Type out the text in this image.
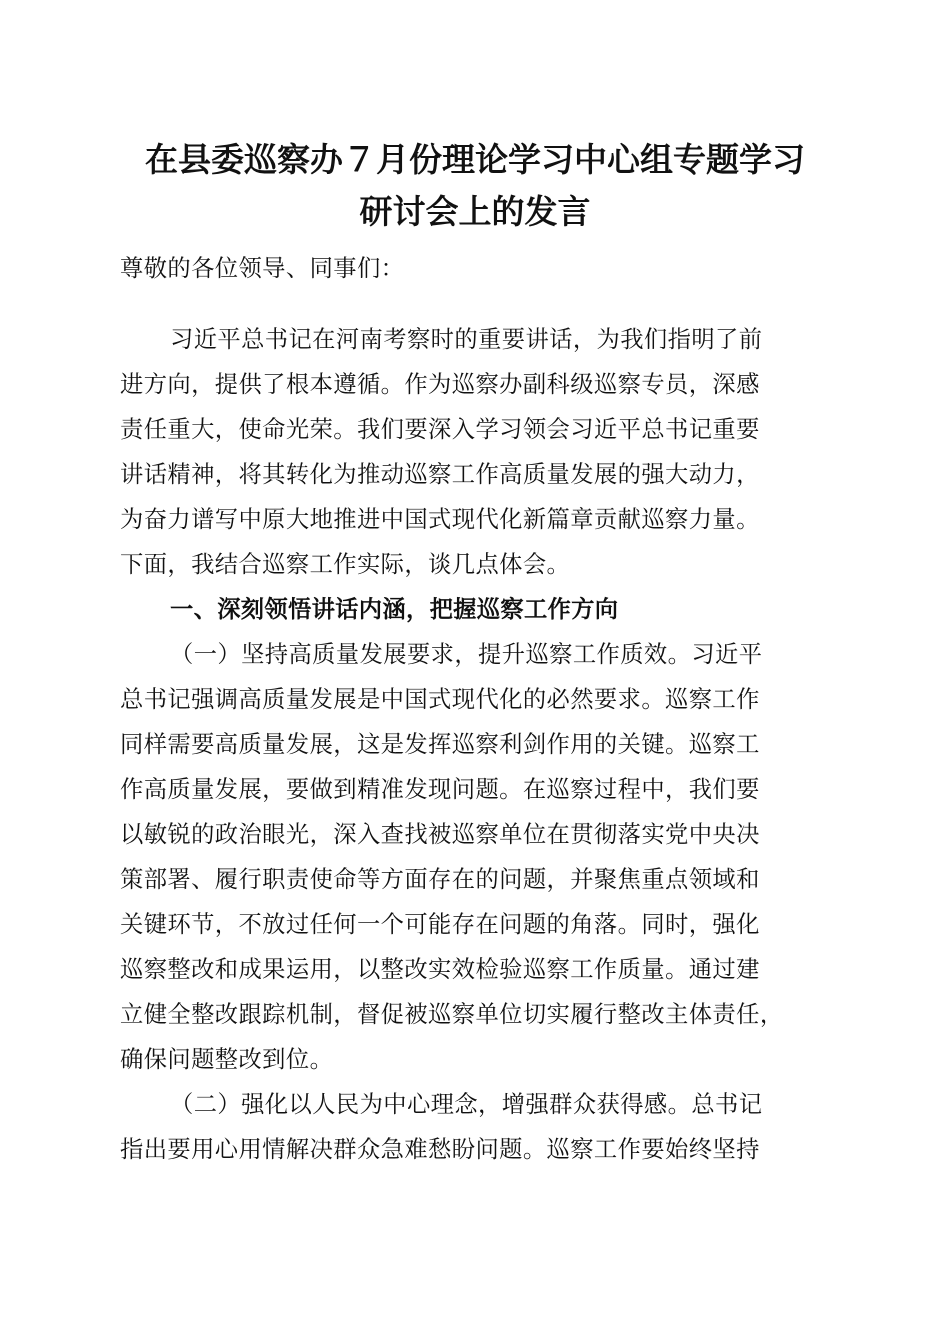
在县委巡察办７月份理论学习中心组专题学习
研讨会上的发言
尊敬的各位领导、同事们：
习近平总书记在河南考察时的重要讲话，为我们指明了前
进方向，提供了根本遵循。作为巡察办副科级巡察专员，深感
责任重大，使命光荣。我们要深入学习领会习近平总书记重要
讲话精神，将其转化为推动巡察工作高质量发展的强大动力，
为奋力谱写中原大地推进中国式现代化新篇章贡献巡察力量。
下面，我结合巡察工作实际，谈几点体会。
一、深刻领悟讲话内涵，把握巡察工作方向
（一）坚持高质量发展要求，提升巡察工作质效。习近平
总书记强调高质量发展是中国式现代化的必然要求。巡察工作
同样需要高质量发展，这是发挥巡察利剑作用的关键。巡察工
作高质量发展，要做到精准发现问题。在巡察过程中，我们要
以敏锐的政治眼光，深入查找被巡察单位在贯彻落实党中央决
策部署、履行职责使命等方面存在的问题，并聚焦重点领域和
关键环节，不放过任何一个可能存在问题的角落。同时，强化
巡察整改和成果运用，以整改实效检验巡察工作质量。通过建
立健全整改跟踪机制，督促被巡察单位切实履行整改主体责任，
确保问题整改到位。
（二）强化以人民为中心理念，增强群众获得感。总书记
指出要用心用情解决群众急难愁盼问题。巡察工作要始终坚持
